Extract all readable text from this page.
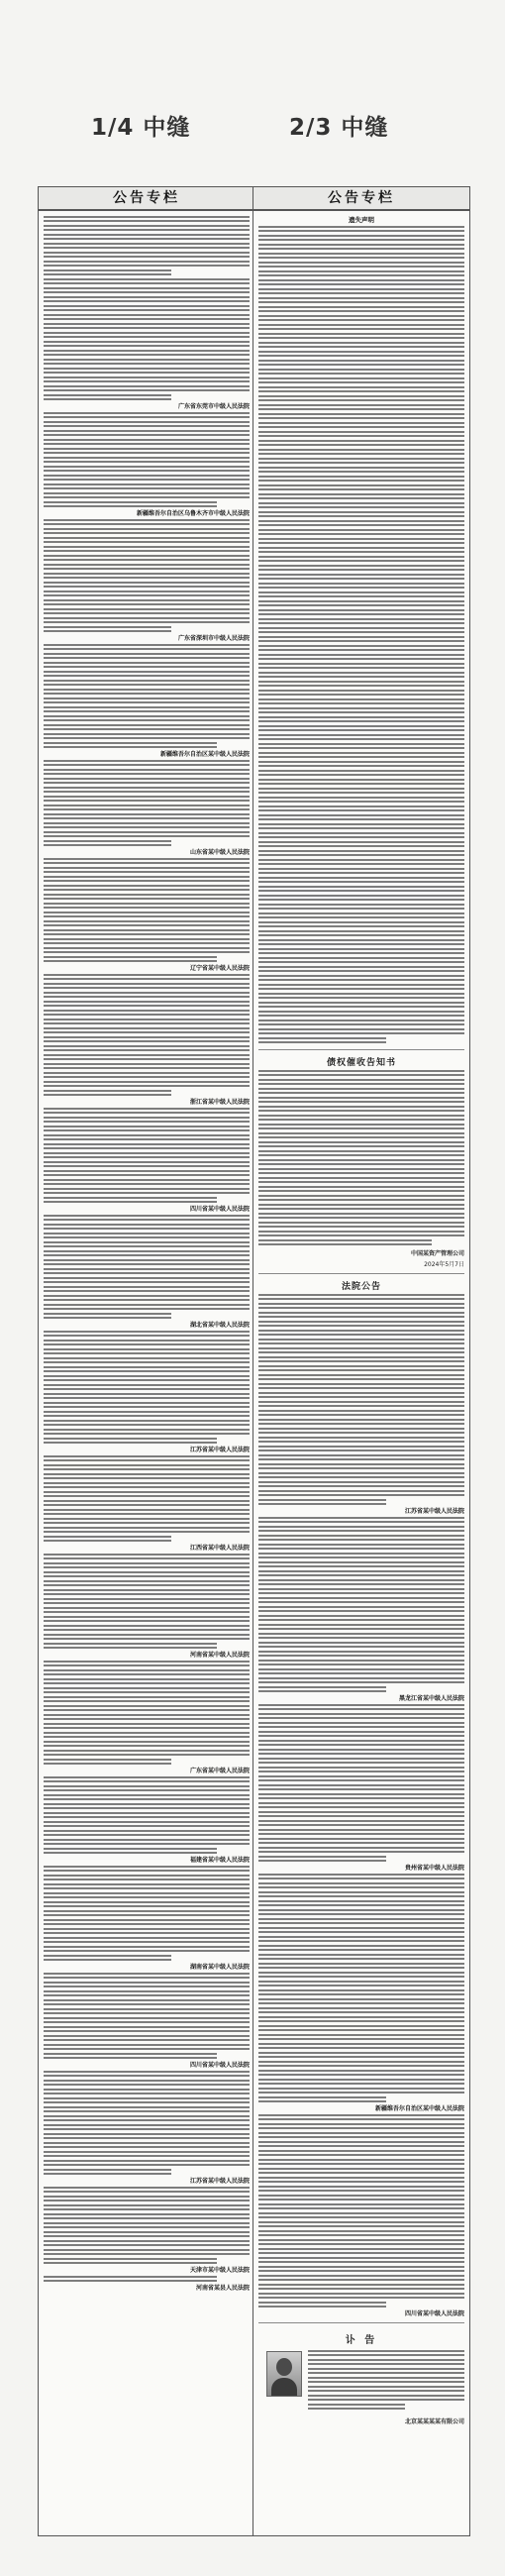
1/4 中缝	2/3 中缝
公告专栏
广东省东莞市中级人民法院
新疆维吾尔自治区乌鲁木齐市中级人民法院
广东省深圳市中级人民法院
新疆维吾尔自治区某中级人民法院
山东省某中级人民法院
辽宁省某中级人民法院
浙江省某中级人民法院
四川省某中级人民法院
湖北省某中级人民法院
江苏省某中级人民法院
江西省某中级人民法院
河南省某中级人民法院
广东省某中级人民法院
福建省某中级人民法院
湖南省某中级人民法院
四川省某中级人民法院
江苏省某中级人民法院
天津市某中级人民法院
河南省某县人民法院
公告专栏
遗失声明
债权催收告知书
中国某资产管理公司
2024年5月7日
法院公告
江苏省某中级人民法院
黑龙江省某中级人民法院
贵州省某中级人民法院
新疆维吾尔自治区某中级人民法院
四川省某中级人民法院
讣 告
北京某某某某有限公司
